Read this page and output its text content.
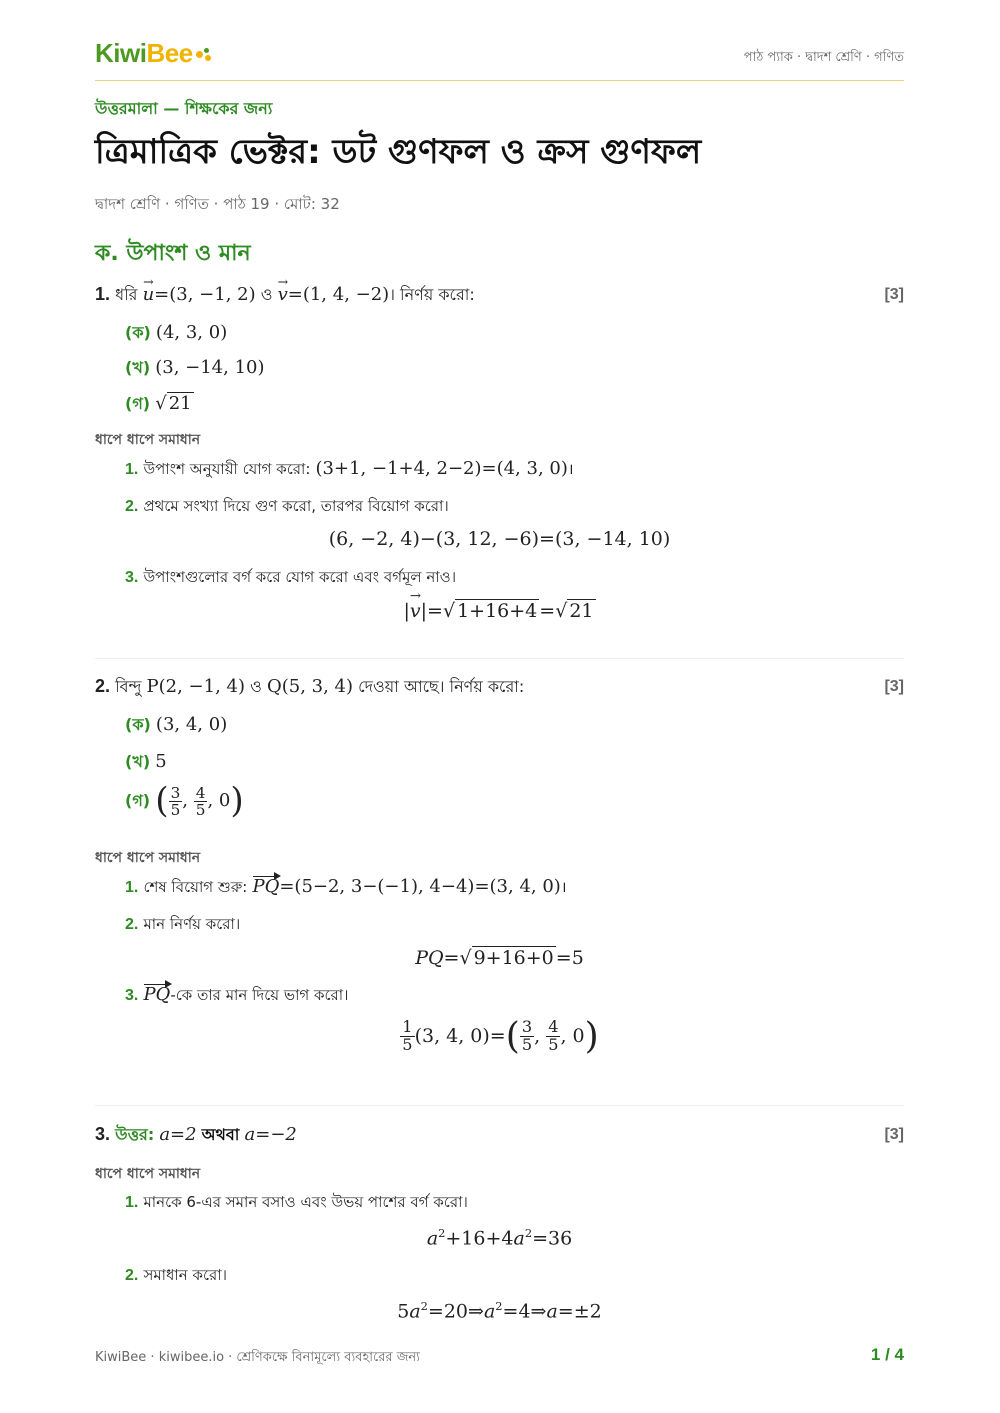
KiwiBee	পাঠ প্যাক · দ্বাদশ শ্রেণি · গণিত
উত্তরমালা — শিক্ষকের জন্য
ত্রিমাত্রিক ভেক্টর: ডট গুণফল ও ক্রস গুণফল
দ্বাদশ শ্রেণি · গণিত · পাঠ 19 · মোট: 32
ক. উপাংশ ও মান
1. ধরি → u=(3, −1, 2) ও → v=(1, 4, −2)। নির্ণয় করো:	[3]
(ক) (4, 3, 0)
(খ) (3, −14, 10)
(গ) √ 21
ধাপে ধাপে সমাধান
1. উপাংশ অনুযায়ী যোগ করো: (3+1, −1+4, 2−2)=(4, 3, 0)।
2. প্রথমে সংখ্যা দিয়ে গুণ করো, তারপর বিয়োগ করো।
(6, −2, 4)−(3, 12, −6)=(3, −14, 10)
3. উপাংশগুলোর বর্গ করে যোগ করো এবং বর্গমূল নাও।
|→ v|=√ 1+16+4 =√ 21
2. বিন্দু P(2, −1, 4) ও Q(5, 3, 4) দেওয়া আছে। নির্ণয় করো:	[3]
(ক) (3, 4, 0)
(খ) 5
(গ) ( $\frac{3}{5}$ , $\frac{4}{5}$ , 0)
ধাপে ধাপে সমাধান
1. শেষ বিয়োগ শুরু: PQ=(5−2, 3−(−1), 4−4)=(3, 4, 0)।
2. মান নির্ণয় করো।
PQ=√ 9+16+0 =5
3. PQ-কে তার মান দিয়ে ভাগ করো।
$\frac{1}{5} (3$, 4, $0)=( \frac{3}{5}$ , $\frac{4}{5}$ , 0)
3. উত্তর: a=2 অথবা a=−2	[3]
ধাপে ধাপে সমাধান
1. মানকে 6-এর সমান বসাও এবং উভয় পাশের বর্গ করো।
$a^2+16+4a^2=36$
2. সমাধান করো।
$5a^2=20\Rightarrow a^2=4\Rightarrow a=\pm 2$
KiwiBee · kiwibee.io · শ্রেণিকক্ষে বিনামূল্যে ব্যবহারের জন্য	1 / 4
